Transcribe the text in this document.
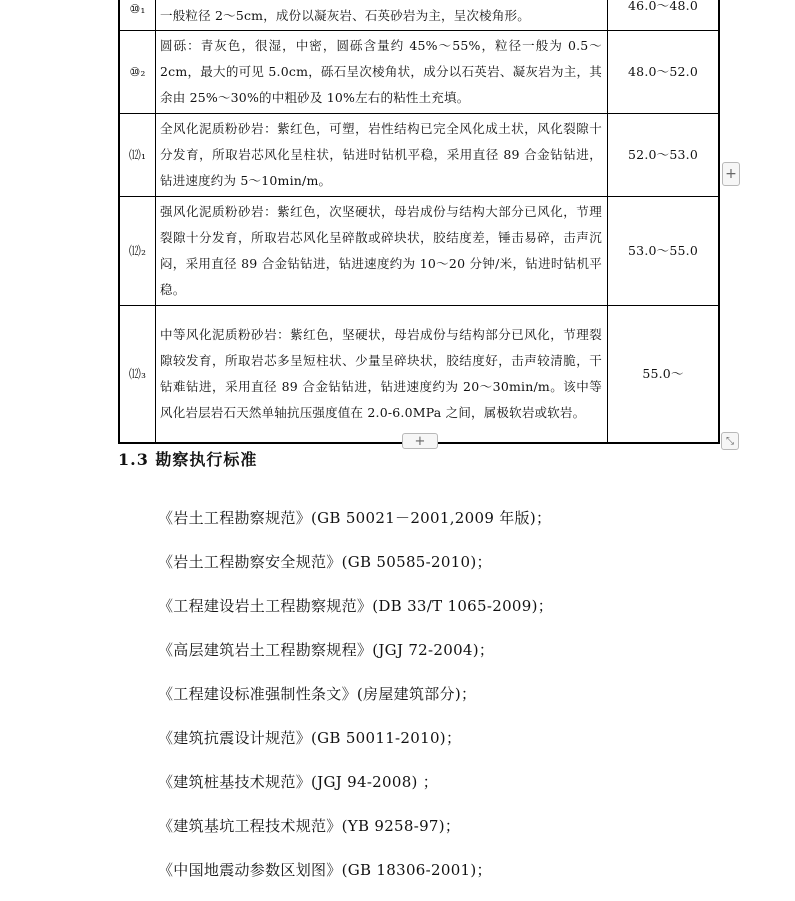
⑩₁	一般粒径 2～5cm，成份以凝灰岩、石英砂岩为主，呈次棱角形。	46.0～48.0
⑩₂	圆砾：青灰色，很湿，中密，圆砾含量约 45%～55%，粒径一般为 0.5～2cm，最大的可见 5.0cm，砾石呈次棱角状，成分以石英岩、凝灰岩为主，其余由 25%～30%的中粗砂及 10%左右的粘性土充填。	48.0～52.0
⑿₁	全风化泥质粉砂岩：紫红色，可塑，岩性结构已完全风化成土状，风化裂隙十分发育，所取岩芯风化呈柱状，钻进时钻机平稳，采用直径 89 合金钻钻进，钻进速度约为 5～10min/m。	52.0～53.0
⑿₂	强风化泥质粉砂岩：紫红色，次坚硬状，母岩成份与结构大部分已风化，节理裂隙十分发育，所取岩芯风化呈碎散或碎块状，胶结度差，锤击易碎，击声沉闷，采用直径 89 合金钻钻进，钻进速度约为 10～20 分钟/米，钻进时钻机平稳。	53.0～55.0
⑿₃	中等风化泥质粉砂岩：紫红色，坚硬状，母岩成份与结构部分已风化，节理裂隙较发育，所取岩芯多呈短柱状、少量呈碎块状，胶结度好，击声较清脆，干钻难钻进，采用直径 89 合金钻钻进，钻进速度约为 20～30min/m。该中等风化岩层岩石天然单轴抗压强度值在 2.0-6.0MPa 之间，属极软岩或软岩。	55.0～
+
+	⤡
1.3 勘察执行标准
《岩土工程勘察规范》(GB 50021－2001,2009 年版)；
《岩土工程勘察安全规范》(GB 50585-2010)；
《工程建设岩土工程勘察规范》(DB 33/T 1065-2009)；
《高层建筑岩土工程勘察规程》(JGJ 72-2004)；
《工程建设标准强制性条文》(房屋建筑部分)；
《建筑抗震设计规范》(GB 50011-2010)；
《建筑桩基技术规范》(JGJ 94-2008) ；
《建筑基坑工程技术规范》(YB 9258-97)；
《中国地震动参数区划图》(GB 18306-2001)；
